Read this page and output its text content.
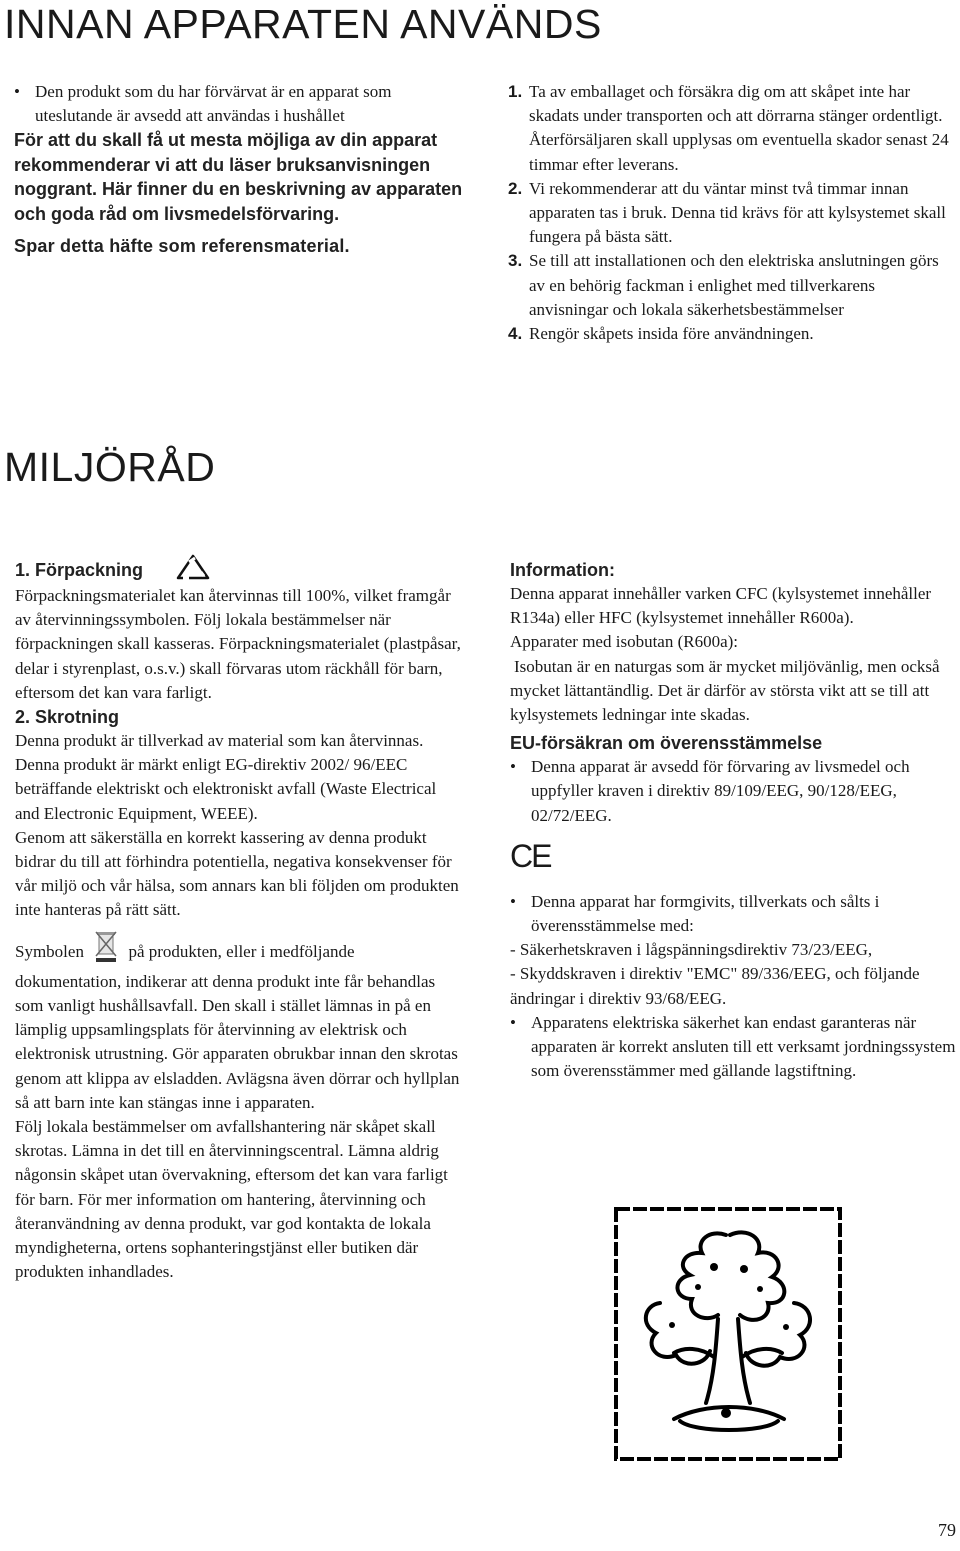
INNAN APPARATEN ANVÄNDS
• Den produkt som du har förvärvat är en apparat som uteslutande är avsedd att användas i hushållet

För att du skall få ut mesta möjliga av din apparat rekommenderar vi att du läser bruksanvisningen noggrant. Här finner du en beskrivning av apparaten och goda råd om livsmedelsförvaring.

Spar detta häfte som referensmaterial.

1. Ta av emballaget och försäkra dig om att skåpet inte har skadats under transporten och att dörrarna stänger ordentligt. Återförsäljaren skall upplysas om eventuella skador senast 24 timmar efter leverans.
2. Vi rekommenderar att du väntar minst två timmar innan apparaten tas i bruk. Denna tid krävs för att kylsystemet skall fungera på bästa sätt.
3. Se till att installationen och den elektriska anslutningen görs av en behörig fackman i enlighet med tillverkarens anvisningar och lokala säkerhetsbestämmelser
4. Rengör skåpets insida före användningen.
MILJÖRÅD
1. Förpackning

Förpackningsmaterialet kan återvinnas till 100%, vilket framgår av återvinningssymbolen. Följ lokala bestämmelser när förpackningen skall kasseras. Förpackningsmaterialet (plastpåsar, delar i styrenplast, o.s.v.) skall förvaras utom räckhåll för barn, eftersom det kan vara farligt.

2. Skrotning

Denna produkt är tillverkad av material som kan återvinnas.

Denna produkt är märkt enligt EG-direktiv 2002/ 96/EEC beträffande elektriskt och elektroniskt avfall (Waste Electrical and Electronic Equipment, WEEE).

Genom att säkerställa en korrekt kassering av denna produkt bidrar du till att förhindra potentiella, negativa konsekvenser för vår miljö och vår hälsa, som annars kan bli följden om produkten inte hanteras på rätt sätt.

Symbolen	på produkten, eller i medföljande dokumentation, indikerar att denna produkt inte får behandlas som vanligt hushållsavfall. Den skall i stället lämnas in på en lämplig uppsamlingsplats för återvinning av elektrisk och elektronisk utrustning. Gör apparaten obrukbar innan den skrotas genom att klippa av elsladden. Avlägsna även dörrar och hyllplan så att barn inte kan stängas inne i apparaten.

Följ lokala bestämmelser om avfallshantering när skåpet skall skrotas. Lämna in det till en återvinningscentral. Lämna aldrig någonsin skåpet utan övervakning, eftersom det kan vara farligt för barn. För mer information om hantering, återvinning och återanvändning av denna produkt, var god kontakta de lokala myndigheterna, ortens sophanteringstjänst eller butiken där produkten inhandlades.

Information:

Denna apparat innehåller varken CFC (kylsystemet innehåller R134a) eller HFC (kylsystemet innehåller R600a).

Apparater med isobutan (R600a):

Isobutan är en naturgas som är mycket miljövänlig, men också mycket lättantändlig. Det är därför av största vikt att se till att kylsystemets ledningar inte skadas.

EU-försäkran om överensstämmelse

• Denna apparat är avsedd för förvaring av livsmedel och uppfyller kraven i direktiv 89/109/EEG, 90/128/EEG, 02/72/EEG.
CE
• Denna apparat har formgivits, tillverkats och sålts i överensstämmelse med:

- Säkerhetskraven i lågspänningsdirektiv 73/23/EEG,

- Skyddskraven i direktiv "EMC" 89/336/EEG, och följande ändringar i direktiv 93/68/EEG.

• Apparatens elektriska säkerhet kan endast garanteras när apparaten är korrekt ansluten till ett verksamt jordningssystem som överensstämmer med gällande lagstiftning.
79
